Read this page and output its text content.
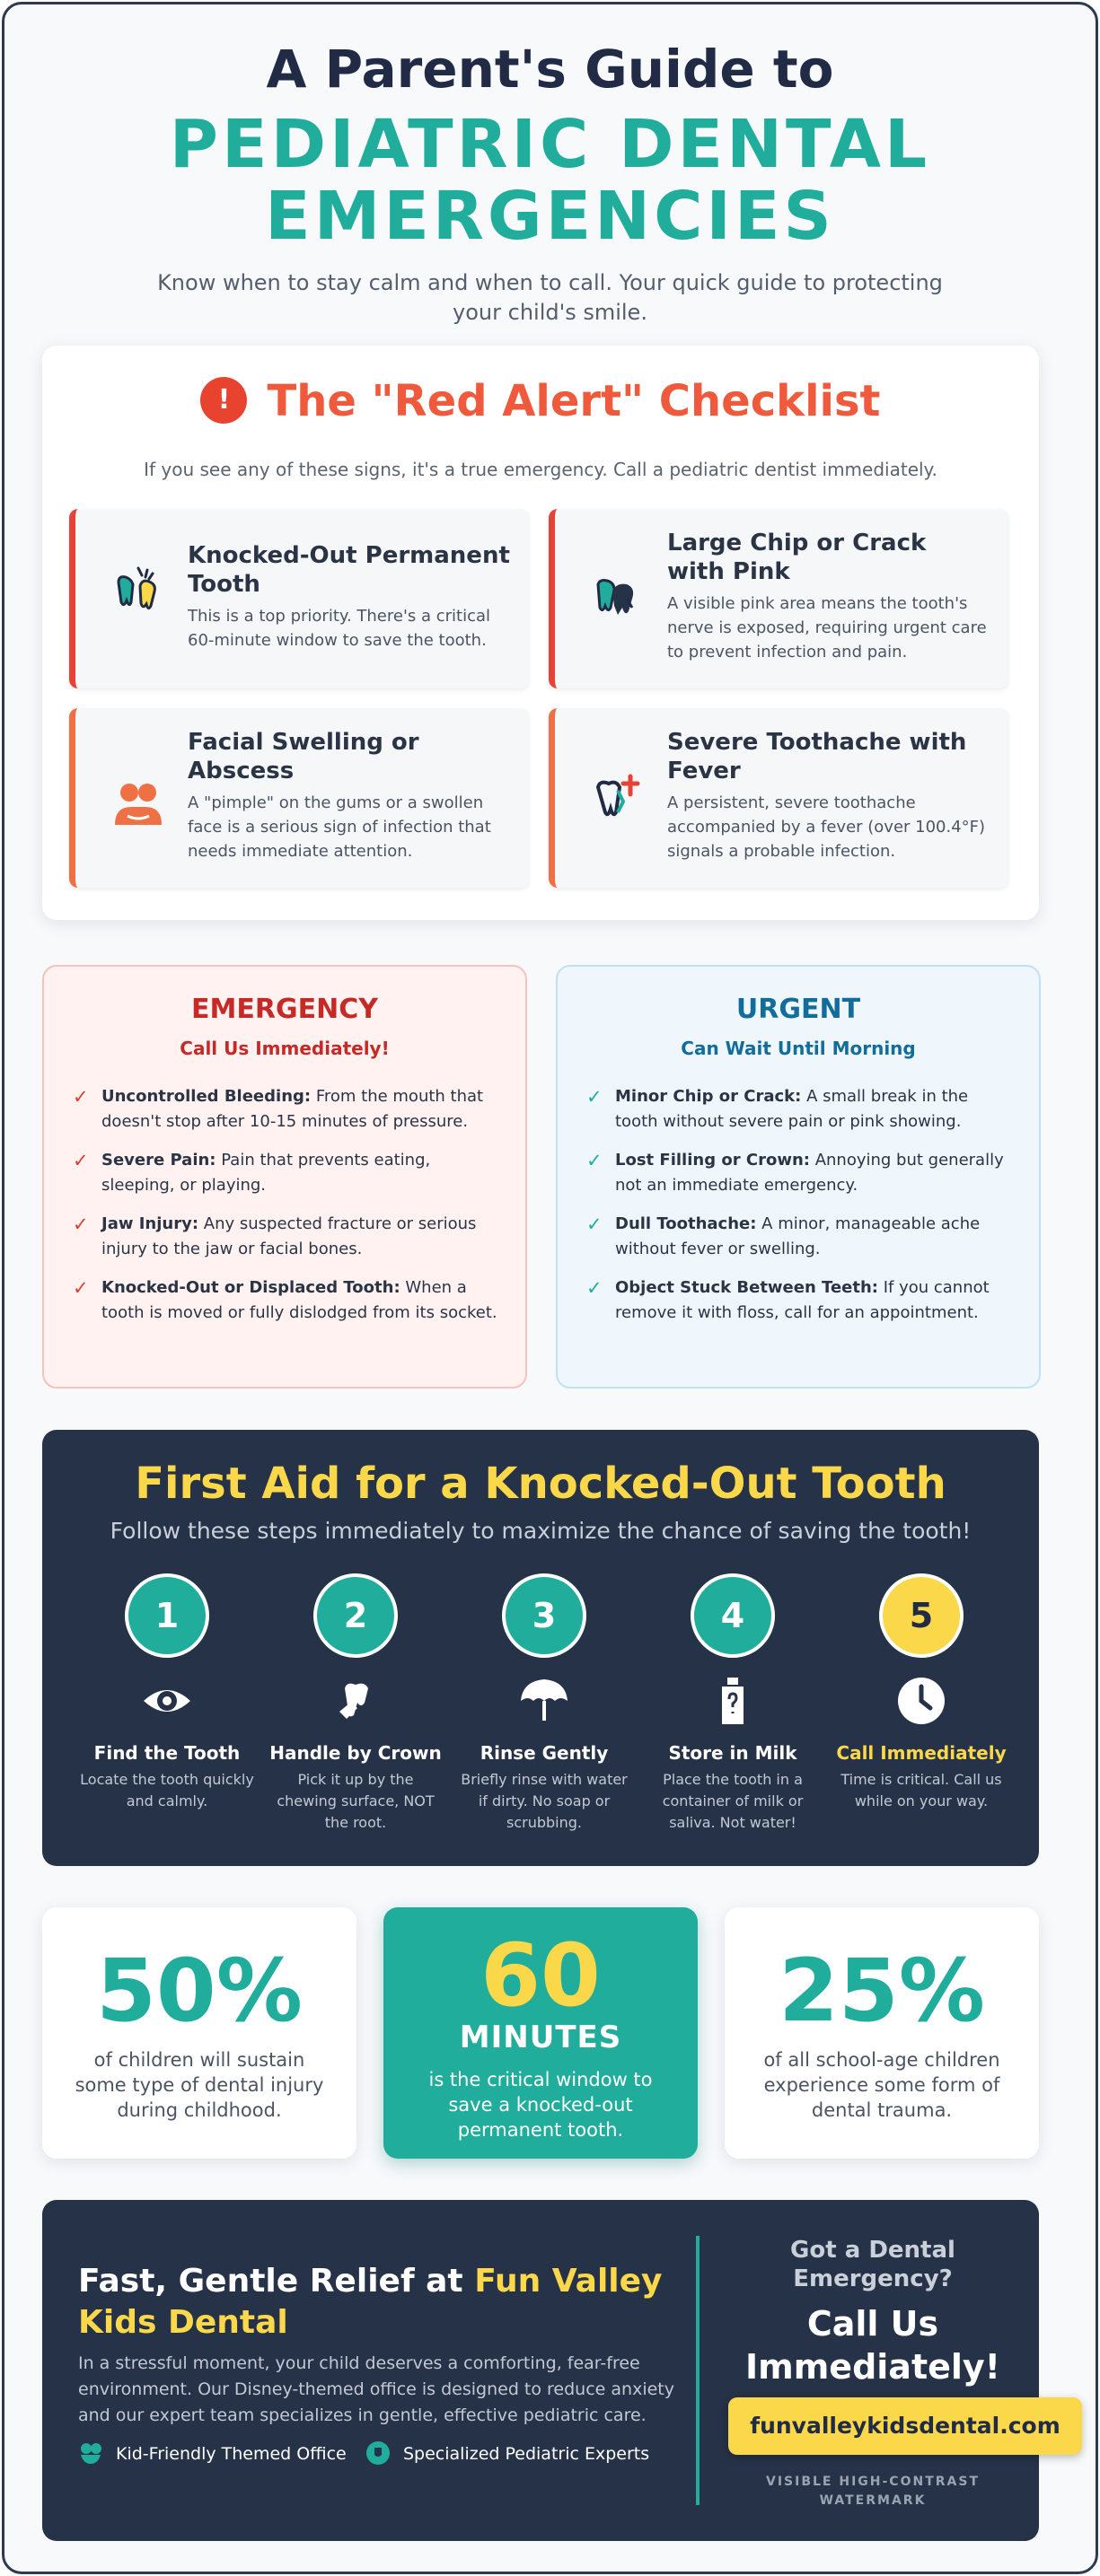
A Parent's Guide to
PEDIATRIC DENTAL
EMERGENCIES
Know when to stay calm and when to call. Your quick guide to protecting your child's smile.
! The "Red Alert" Checklist
If you see any of these signs, it's a true emergency. Call a pediatric dentist immediately.
Knocked-Out Permanent Tooth
This is a top priority. There's a critical 60-minute window to save the tooth.
Large Chip or Crack with Pink
A visible pink area means the tooth's nerve is exposed, requiring urgent care to prevent infection and pain.
Facial Swelling or Abscess
A "pimple" on the gums or a swollen face is a serious sign of infection that needs immediate attention.
Severe Toothache with Fever
A persistent, severe toothache accompanied by a fever (over 100.4°F) signals a probable infection.
EMERGENCY
Call Us Immediately!
✓ Uncontrolled Bleeding: From the mouth that doesn't stop after 10-15 minutes of pressure.
✓ Severe Pain: Pain that prevents eating, sleeping, or playing.
✓ Jaw Injury: Any suspected fracture or serious injury to the jaw or facial bones.
✓ Knocked-Out or Displaced Tooth: When a tooth is moved or fully dislodged from its socket.
URGENT
Can Wait Until Morning
✓ Minor Chip or Crack: A small break in the tooth without severe pain or pink showing.
✓ Lost Filling or Crown: Annoying but generally not an immediate emergency.
✓ Dull Toothache: A minor, manageable ache without fever or swelling.
✓ Object Stuck Between Teeth: If you cannot remove it with floss, call for an appointment.
First Aid for a Knocked-Out Tooth
Follow these steps immediately to maximize the chance of saving the tooth!
1
Find the Tooth
Locate the tooth quickly and calmly.
2
Handle by Crown
Pick it up by the chewing surface, NOT the root.
3
Rinse Gently
Briefly rinse with water if dirty. No soap or scrubbing.
4
Store in Milk
Place the tooth in a container of milk or saliva. Not water!
5
Call Immediately
Time is critical. Call us while on your way.
50%
of children will sustain some type of dental injury during childhood.
60
MINUTES
is the critical window to save a knocked-out permanent tooth.
25%
of all school-age children experience some form of dental trauma.
Fast, Gentle Relief at Fun Valley Kids Dental
In a stressful moment, your child deserves a comforting, fear-free environment. Our Disney-themed office is designed to reduce anxiety and our expert team specializes in gentle, effective pediatric care.
Kid-Friendly Themed Office	Specialized Pediatric Experts
Got a Dental Emergency?
Call Us Immediately!
funvalleykidsdental.com
VISIBLE HIGH-CONTRAST WATERMARK
